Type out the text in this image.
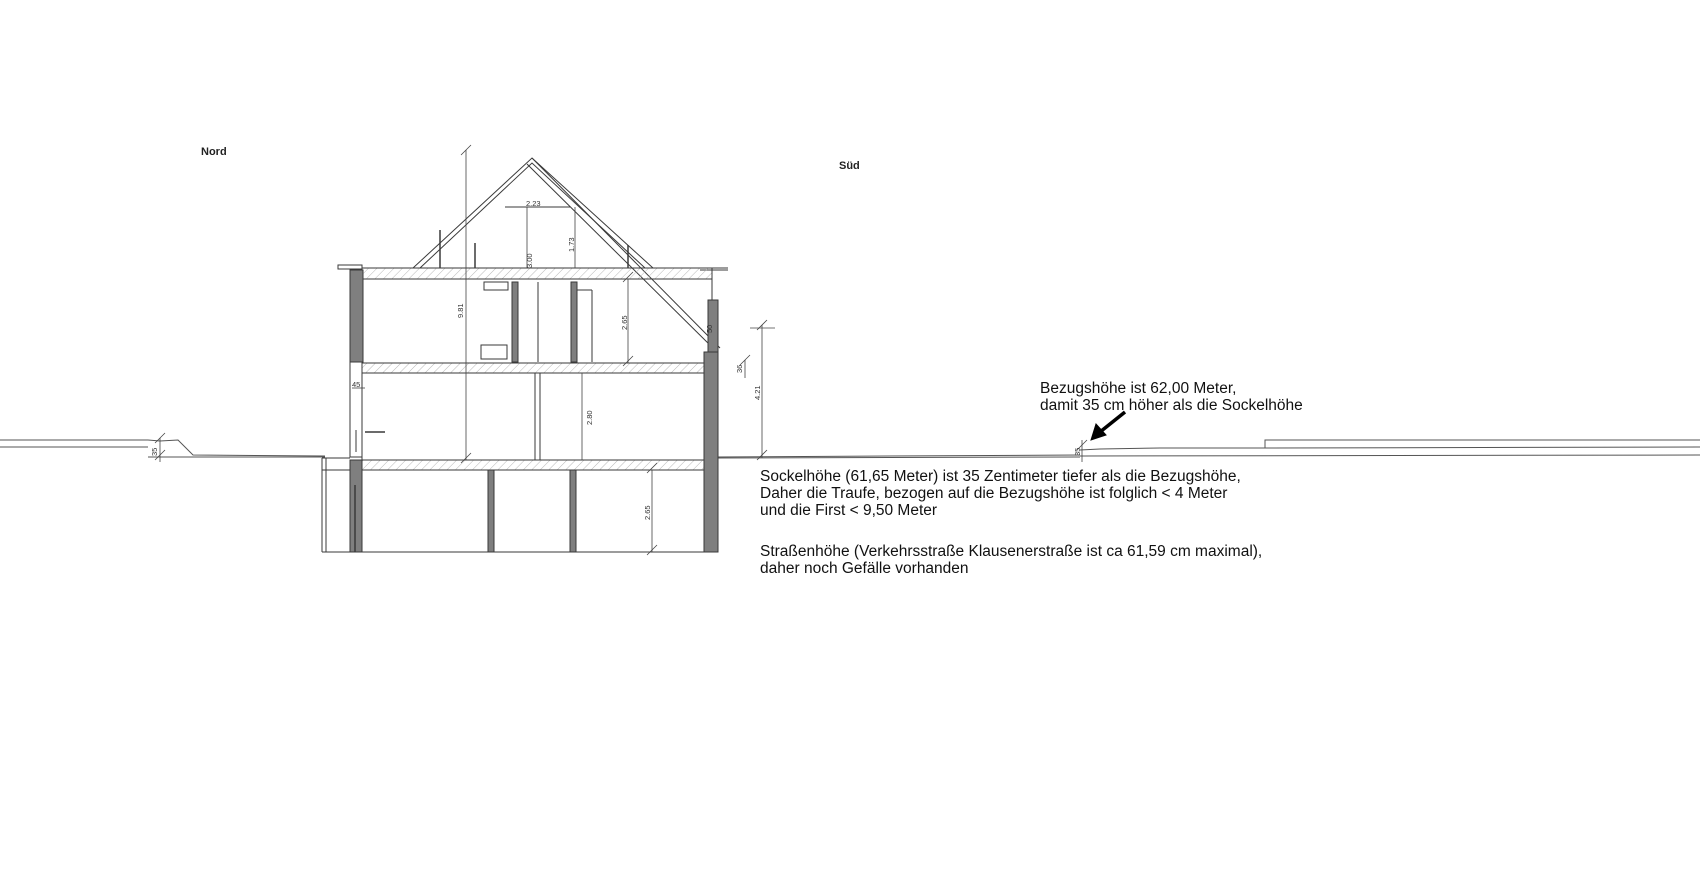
2.23
3.00
1.73
9.81
2.65
2.80
2.65
4.21
36
45
35	35
50
Nord
Süd
Bezugshöhe ist 62,00 Meter,
damit 35 cm höher als die Sockelhöhe
Sockelhöhe (61,65 Meter) ist 35 Zentimeter tiefer als die Bezugshöhe,
Daher die Traufe, bezogen auf die Bezugshöhe ist folglich < 4 Meter
und die First < 9,50 Meter
Straßenhöhe (Verkehrsstraße Klausenerstraße ist ca 61,59 cm maximal),
daher noch Gefälle vorhanden
